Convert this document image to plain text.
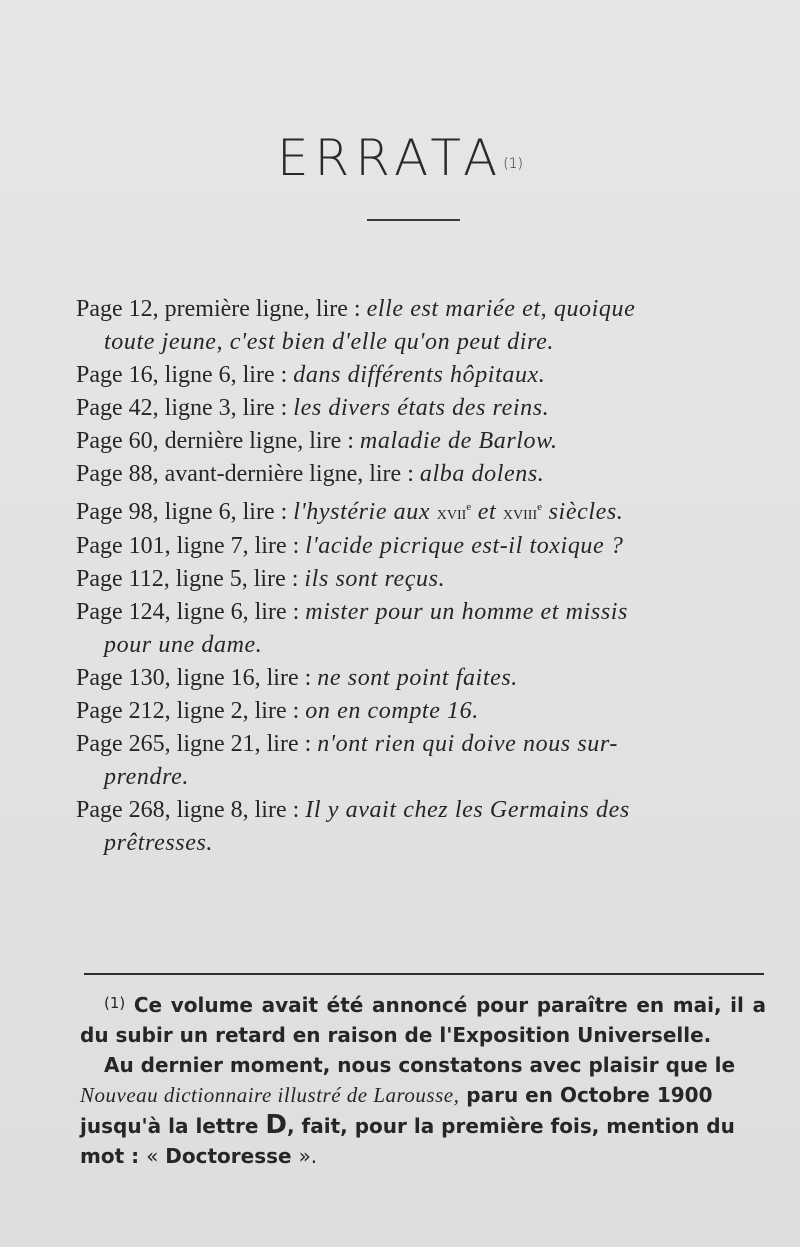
ERRATA$^{(1)}$
Page 12, première ligne, lire : elle est mariée et, quoique
toute jeune, c'est bien d'elle qu'on peut dire.
Page 16, ligne 6, lire : dans différents hôpitaux.
Page 42, ligne 3, lire : les divers états des reins.
Page 60, dernière ligne, lire : maladie de Barlow.
Page 88, avant-dernière ligne, lire : alba dolens.
Page 98, ligne 6, lire : l'hystérie aux xvii$^e$ et xviii$^e$ siècles.
Page 101, ligne 7, lire : l'acide picrique est-il toxique ?
Page 112, ligne 5, lire : ils sont reçus.
Page 124, ligne 6, lire : mister pour un homme et missis
pour une dame.
Page 130, ligne 16, lire : ne sont point faites.
Page 212, ligne 2, lire : on en compte 16.
Page 265, ligne 21, lire : n'ont rien qui doive nous sur-
prendre.
Page 268, ligne 8, lire : Il y avait chez les Germains des
prêtresses.

$^{(1)}$ Ce volume avait été annoncé pour paraître en mai, il a du subir un retard en raison de l'Exposition Universelle.

Au dernier moment, nous constatons avec plaisir que le Nouveau dictionnaire illustré de Larousse, paru en Octobre 1900 jusqu'à la lettre D, fait, pour la première fois, mention du mot : « Doctoresse ».
